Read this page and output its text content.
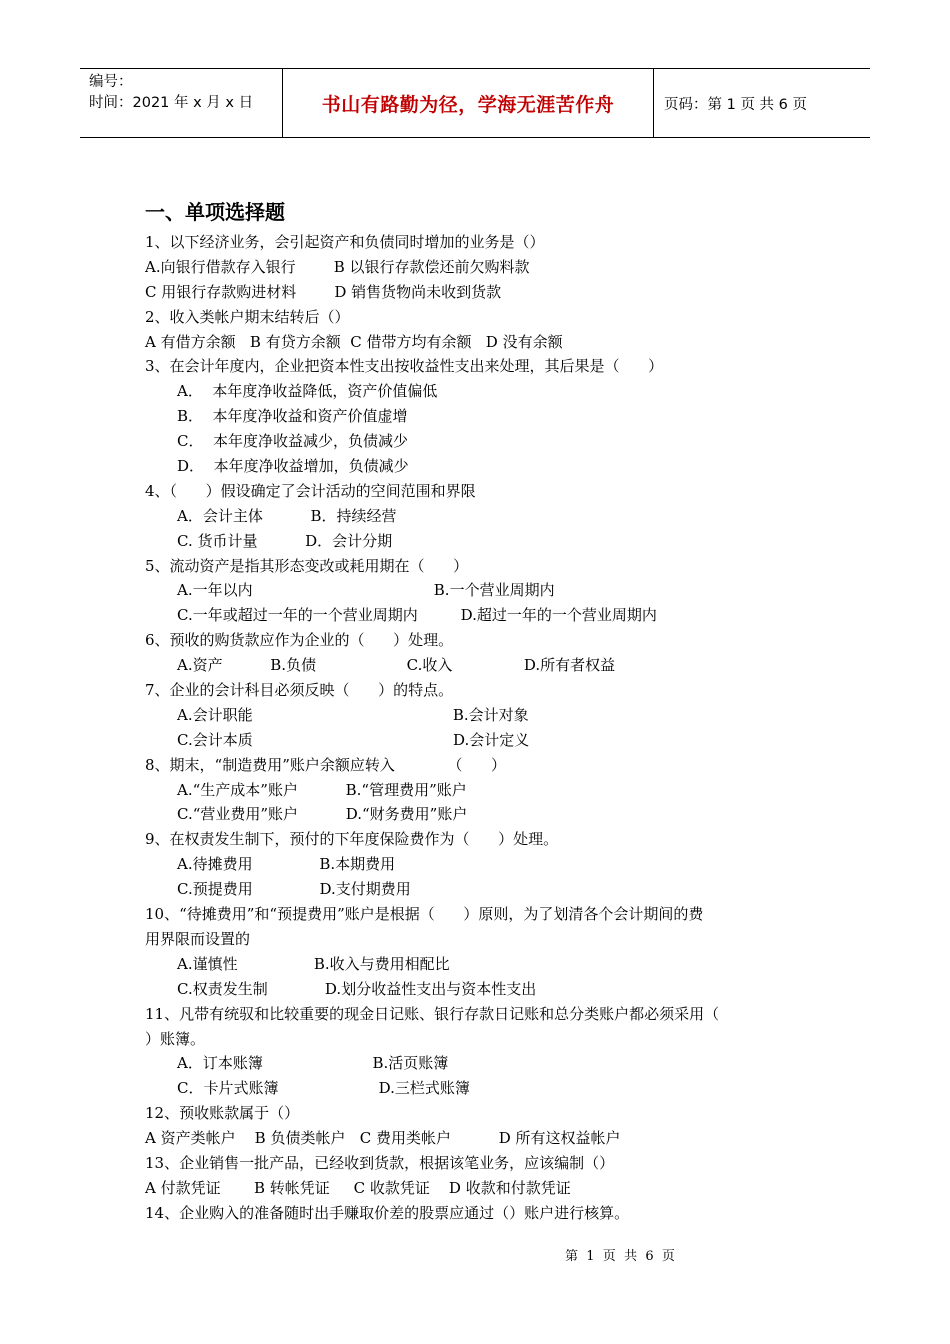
编号：
时间：2021 年 x 月 x 日	书山有路勤为径，学海无涯苦作舟	页码：第 1 页 共 6 页
一、单项选择题
1、以下经济业务，会引起资产和负债同时增加的业务是（）
A.向银行借款存入银行        B 以银行存款偿还前欠购料款
C 用银行存款购进材料        D 销售货物尚未收到货款
2、收入类帐户期末结转后（）
A 有借方余额   B 有贷方余额  C 借带方均有余额   D 没有余额
3、在会计年度内，企业把资本性支出按收益性支出来处理，其后果是（      ）
A．  本年度净收益降低，资产价值偏低
B．  本年度净收益和资产价值虚增
C．  本年度净收益减少，负债减少
D．  本年度净收益增加，负债减少
4、（      ）假设确定了会计活动的空间范围和界限
A．会计主体          B．持续经营
C. 货币计量          D．会计分期
5、流动资产是指其形态变改或耗用期在（      ）
A.一年以内                                      B.一个营业周期内
C.一年或超过一年的一个营业周期内         D.超过一年的一个营业周期内
6、预收的购货款应作为企业的（      ）处理。
A.资产          B.负债                   C.收入               D.所有者权益
7、企业的会计科目必须反映（      ）的特点。
A.会计职能                                          B.会计对象
C.会计本质                                          D.会计定义
8、期末，“制造费用”账户余额应转入           （      ）
A.“生产成本”账户          B.“管理费用”账户
C.“营业费用”账户          D.“财务费用”账户
9、在权责发生制下，预付的下年度保险费作为（      ）处理。
A.待摊费用              B.本期费用
C.预提费用              D.支付期费用
10、“待摊费用”和“预提费用”账户是根据（      ）原则，为了划清各个会计期间的费
用界限而设置的
A.谨慎性                B.收入与费用相配比
C.权责发生制            D.划分收益性支出与资本性支出
11、凡带有统驭和比较重要的现金日记账、银行存款日记账和总分类账户都必须采用（
）账簿。
A．订本账簿                       B.活页账簿
C．卡片式账簿                     D.三栏式账簿
12、预收账款属于（）
A 资产类帐户    B 负债类帐户   C 费用类帐户          D 所有这权益帐户
13、企业销售一批产品，已经收到货款，根据该笔业务，应该编制（）
A 付款凭证       B 转帐凭证     C 收款凭证    D 收款和付款凭证
14、企业购入的准备随时出手赚取价差的股票应通过（）账户进行核算。
第  1  页  共  6  页
